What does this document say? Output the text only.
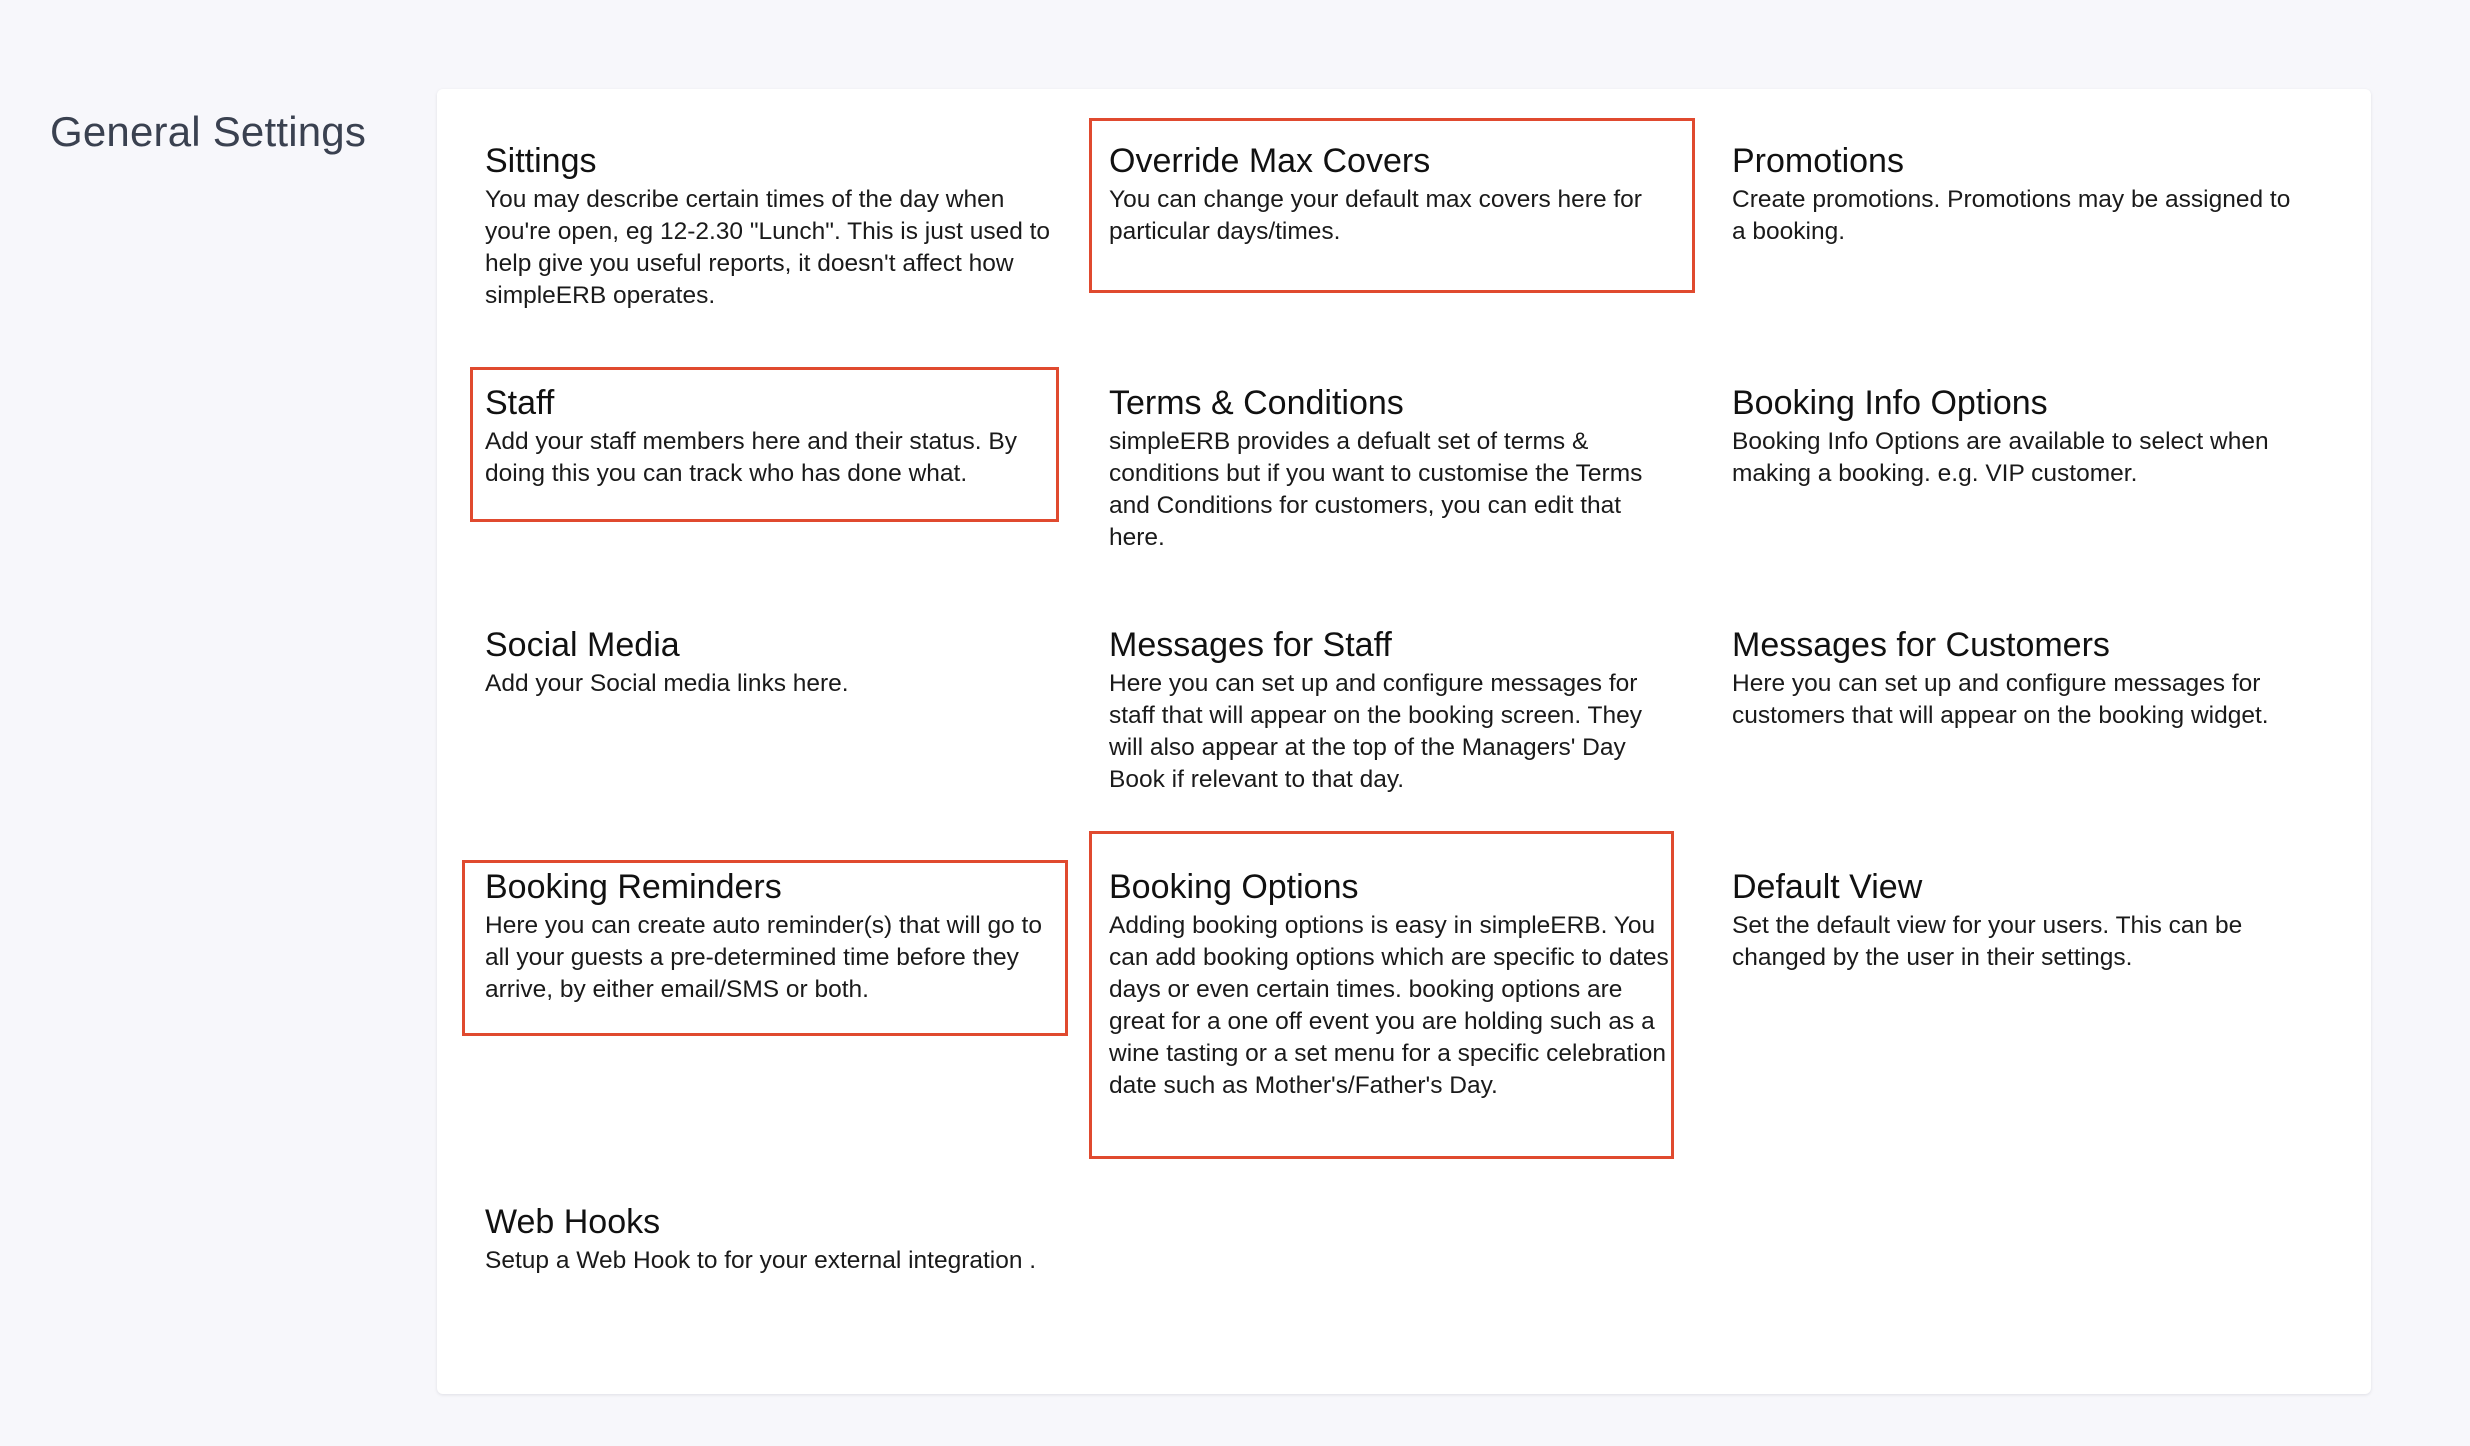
General Settings
Sittings
You may describe certain times of the day when you're open, eg 12-2.30 "Lunch". This is just used to help give you useful reports, it doesn't affect how simpleERB operates.
Override Max Covers
You can change your default max covers here for particular days/times.
Promotions
Create promotions. Promotions may be assigned to a booking.
Staff
Add your staff members here and their status. By doing this you can track who has done what.
Terms & Conditions
simpleERB provides a defualt set of terms & conditions but if you want to customise the Terms and Conditions for customers, you can edit that here.
Booking Info Options
Booking Info Options are available to select when making a booking. e.g. VIP customer.
Social Media
Add your Social media links here.
Messages for Staff
Here you can set up and configure messages for staff that will appear on the booking screen. They will also appear at the top of the Managers' Day Book if relevant to that day.
Messages for Customers
Here you can set up and configure messages for customers that will appear on the booking widget.
Booking Reminders
Here you can create auto reminder(s) that will go to all your guests a pre-determined time before they arrive, by either email/SMS or both.
Booking Options
Adding booking options is easy in simpleERB. You can add booking options which are specific to dates, days or even certain times. booking options are great for a one off event you are holding such as a wine tasting or a set menu for a specific celebration date such as Mother's/Father's Day.
Default View
Set the default view for your users. This can be changed by the user in their settings.
Web Hooks
Setup a Web Hook to for your external integration .
